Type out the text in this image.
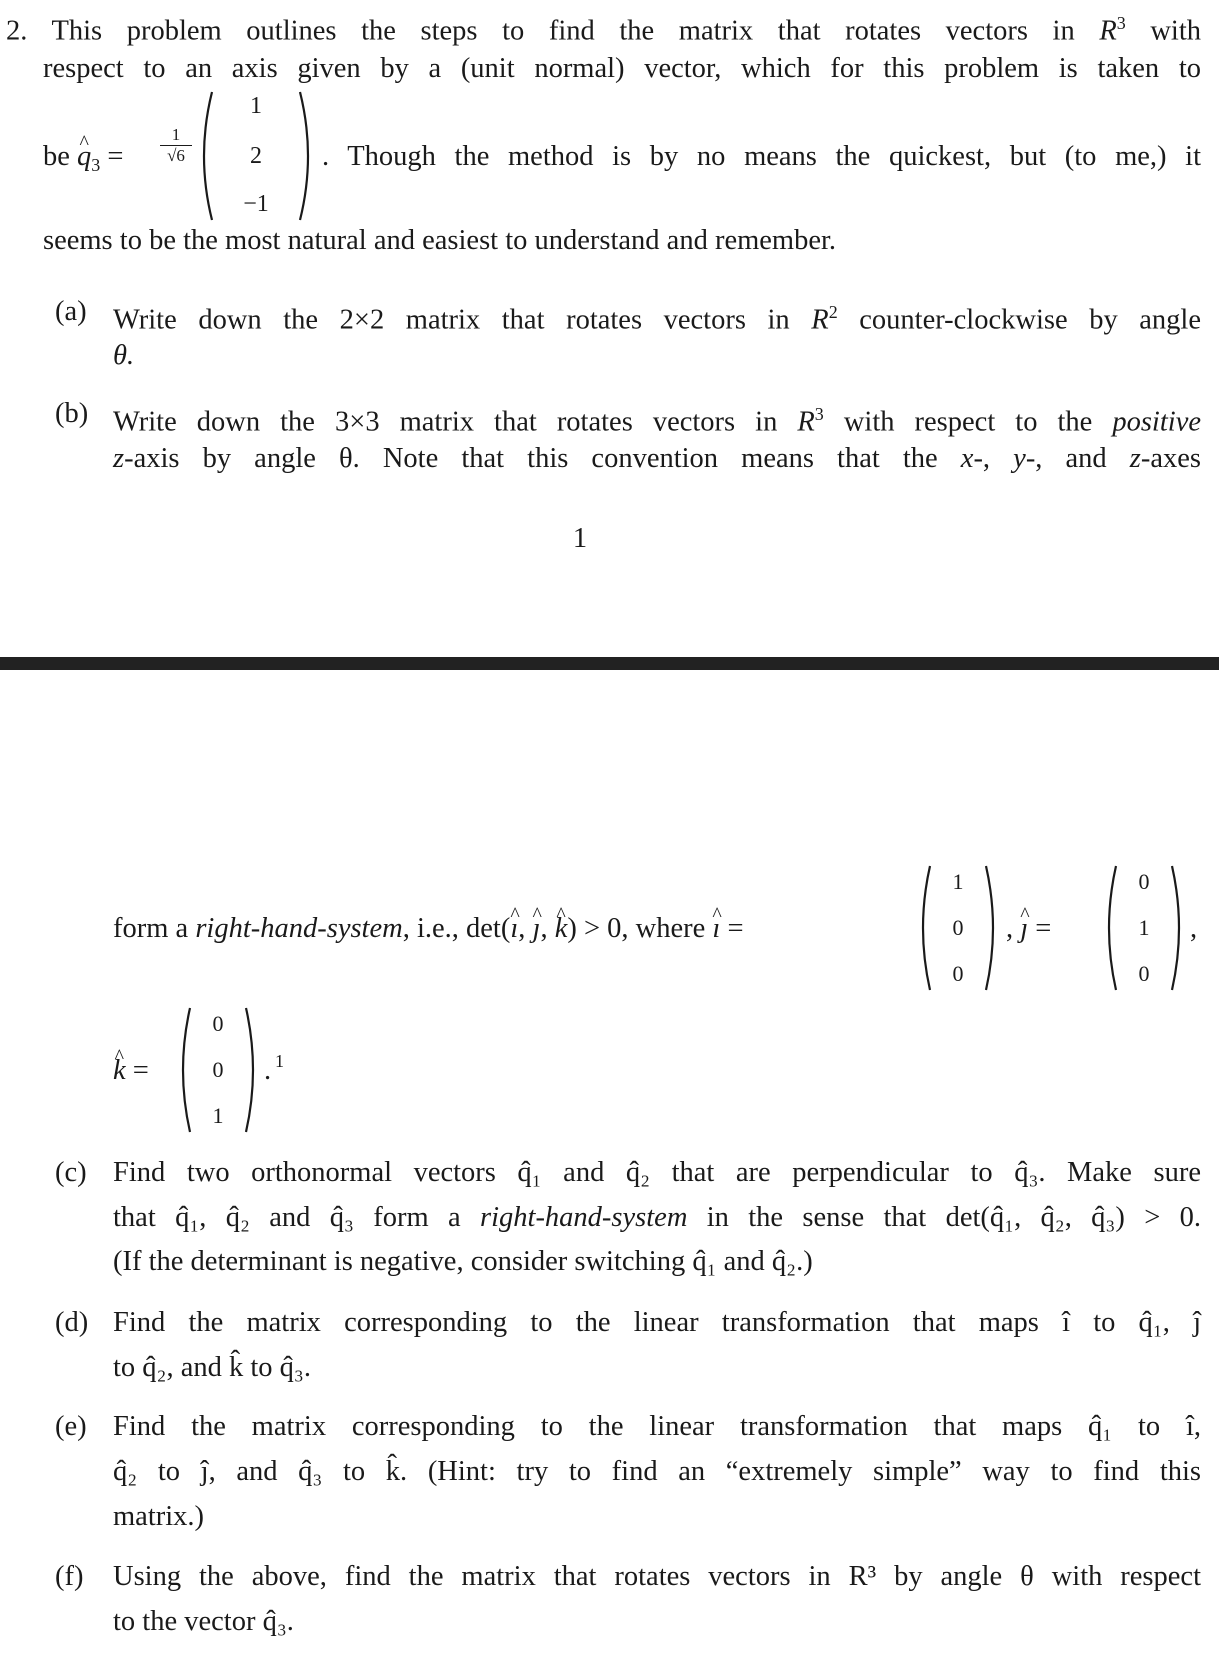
2. This problem outlines the steps to find the matrix that rotates vectors in $R^3$ with
respect to an axis given by a (unit normal) vector, which for this problem is taken to
be q $\^{}_3$ =
1
√6
1
2
−1
. Though the method is by no means the quickest, but (to me,) it
seems to be the most natural and easiest to understand and remember.
(a) Write down the 2×2 matrix that rotates vectors in $R^2$ counter-clockwise by angle
θ.
(b) Write down the 3×3 matrix that rotates vectors in $R^3$ with respect to the positive
z-axis by angle θ. Note that this convention means that the x-, y-, and z-axes
1
form a right-hand-system, i.e., det(ı ^, ȷ ^, k ^) > 0, where ı ^ =
1
0
0
, ȷ ^ =
0
1
0
,
k ^ =
0
0
1
. 1
(c) Find two orthonormal vectors q̂₁ and q̂₂ that are perpendicular to q̂₃. Make sure
that q̂₁, q̂₂ and q̂₃ form a right-hand-system in the sense that det(q̂₁, q̂₂, q̂₃) > 0.
(If the determinant is negative, consider switching q̂₁ and q̂₂.)
(d) Find the matrix corresponding to the linear transformation that maps î to q̂₁, ĵ
to q̂₂, and k̂ to q̂₃.
(e) Find the matrix corresponding to the linear transformation that maps q̂₁ to î,
q̂₂ to ĵ, and q̂₃ to k̂. (Hint: try to find an “extremely simple” way to find this
matrix.)
(f) Using the above, find the matrix that rotates vectors in R³ by angle θ with respect
to the vector q̂₃.
